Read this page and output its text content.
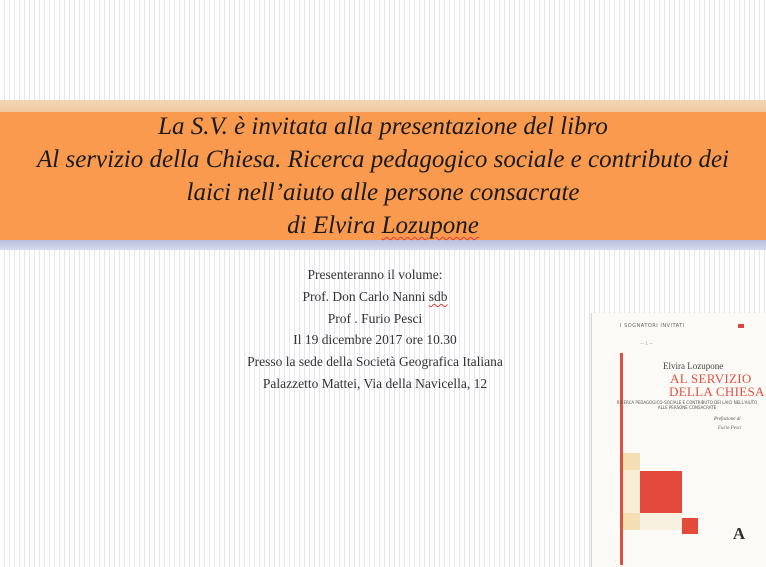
La S.V. è invitata alla presentazione del libro
Al servizio della Chiesa. Ricerca pedagogico sociale e contributo dei
laici nell’aiuto alle persone consacrate
di Elvira Lozupone
Presenteranno il volume:
Prof. Don Carlo Nanni sdb
Prof . Furio Pesci
Il 19 dicembre 2017 ore 10.30
Presso la sede della Società Geografica Italiana
Palazzetto Mattei, Via della Navicella, 12
I SOGNATORI INVITATI
— 1 —
Elvira Lozupone
AL SERVIZIO
DELLA CHIESA
RICERCA PEDAGOGICO-SOCIALE E CONTRIBUTO DEI LAICI NELL'AIUTO ALLE PERSONE CONSACRATE
Prefazione di
Furio Pesci
A
